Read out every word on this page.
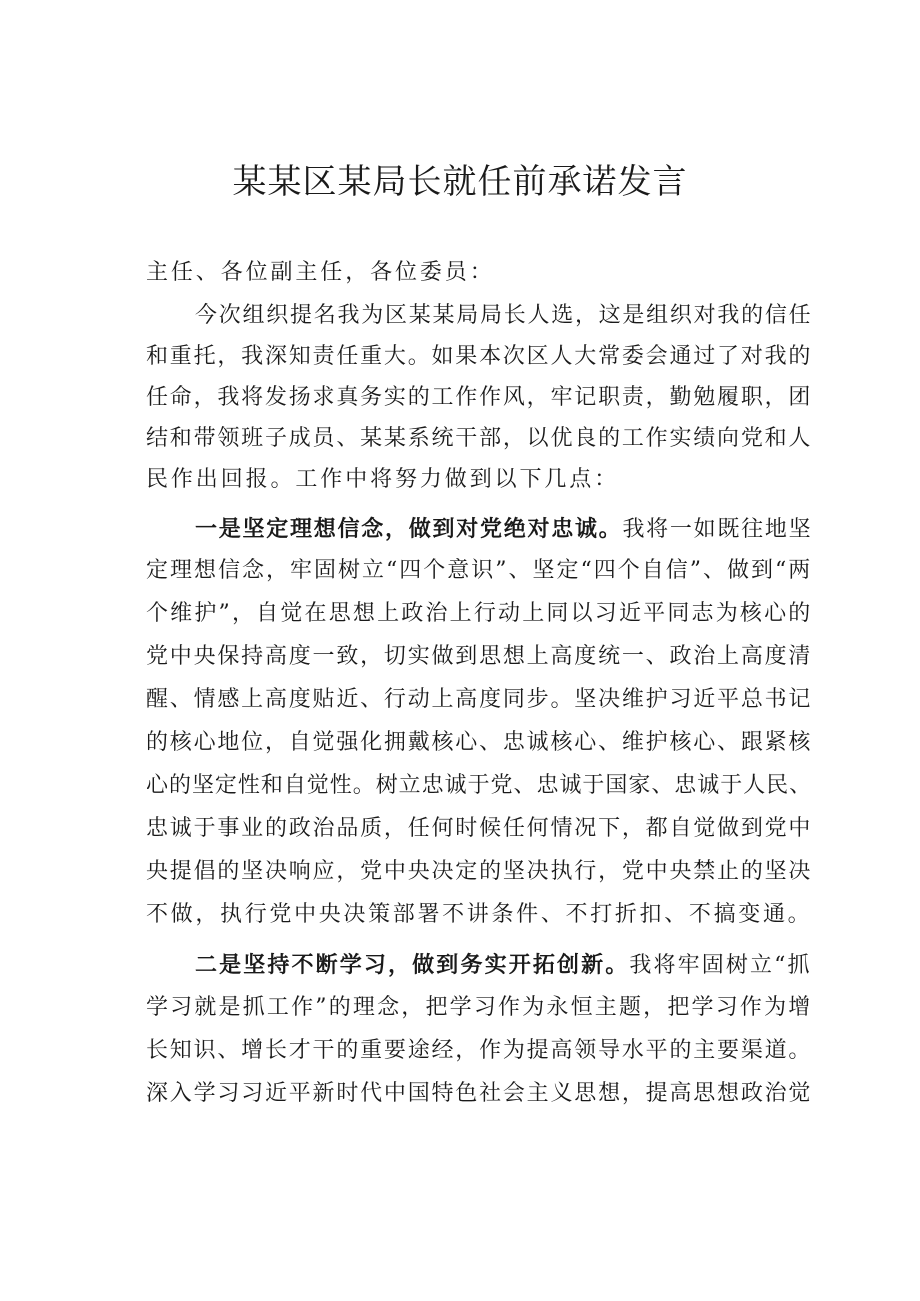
某某区某局长就任前承诺发言
主任、各位副主任，各位委员：
今次组织提名我为区某某局局长人选，这是组织对我的信任
和重托，我深知责任重大。如果本次区人大常委会通过了对我的
任命，我将发扬求真务实的工作作风，牢记职责，勤勉履职，团
结和带领班子成员、某某系统干部，以优良的工作实绩向党和人
民作出回报。工作中将努力做到以下几点：
一是坚定理想信念，做到对党绝对忠诚。我将一如既往地坚
定理想信念，牢固树立“四个意识”、坚定“四个自信”、做到“两
个维护”，自觉在思想上政治上行动上同以习近平同志为核心的
党中央保持高度一致，切实做到思想上高度统一、政治上高度清
醒、情感上高度贴近、行动上高度同步。坚决维护习近平总书记
的核心地位，自觉强化拥戴核心、忠诚核心、维护核心、跟紧核
心的坚定性和自觉性。树立忠诚于党、忠诚于国家、忠诚于人民、
忠诚于事业的政治品质，任何时候任何情况下，都自觉做到党中
央提倡的坚决响应，党中央决定的坚决执行，党中央禁止的坚决
不做，执行党中央决策部署不讲条件、不打折扣、不搞变通。
二是坚持不断学习，做到务实开拓创新。我将牢固树立“抓
学习就是抓工作”的理念，把学习作为永恒主题，把学习作为增
长知识、增长才干的重要途经，作为提高领导水平的主要渠道。
深入学习习近平新时代中国特色社会主义思想，提高思想政治觉
